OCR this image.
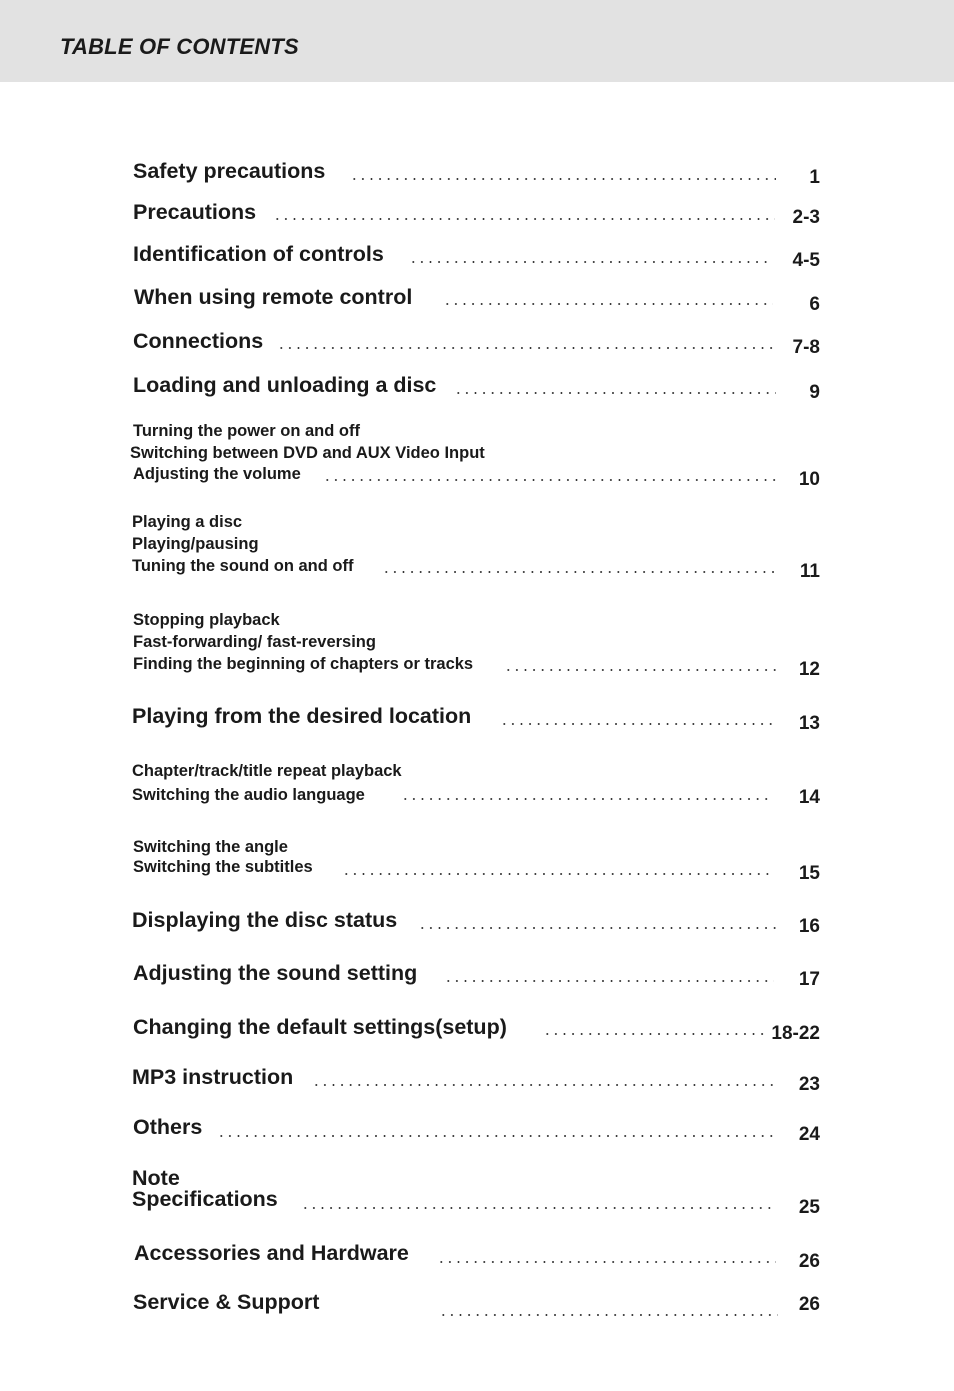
TABLE OF CONTENTS
Safety precautions	1
Precautions	2-3
Identification of controls	4-5
When using remote control	6
Connections	7-8
Loading and unloading a disc	9
Turning the power on and off
Switching between DVD and AUX Video Input
Adjusting the volume	10
Playing a disc
Playing/pausing
Tuning the sound on and off	11
Stopping playback
Fast-forwarding/ fast-reversing
Finding the beginning of chapters or tracks	12
Playing from the desired location	13
Chapter/track/title repeat playback
Switching the audio language	14
Switching the angle
Switching the subtitles	15
Displaying the disc status	16
Adjusting the sound setting	17
Changing the default settings(setup)	18-22
MP3 instruction	23
Others	24
Note
Specifications	25
Accessories and Hardware	26
Service & Support	26
